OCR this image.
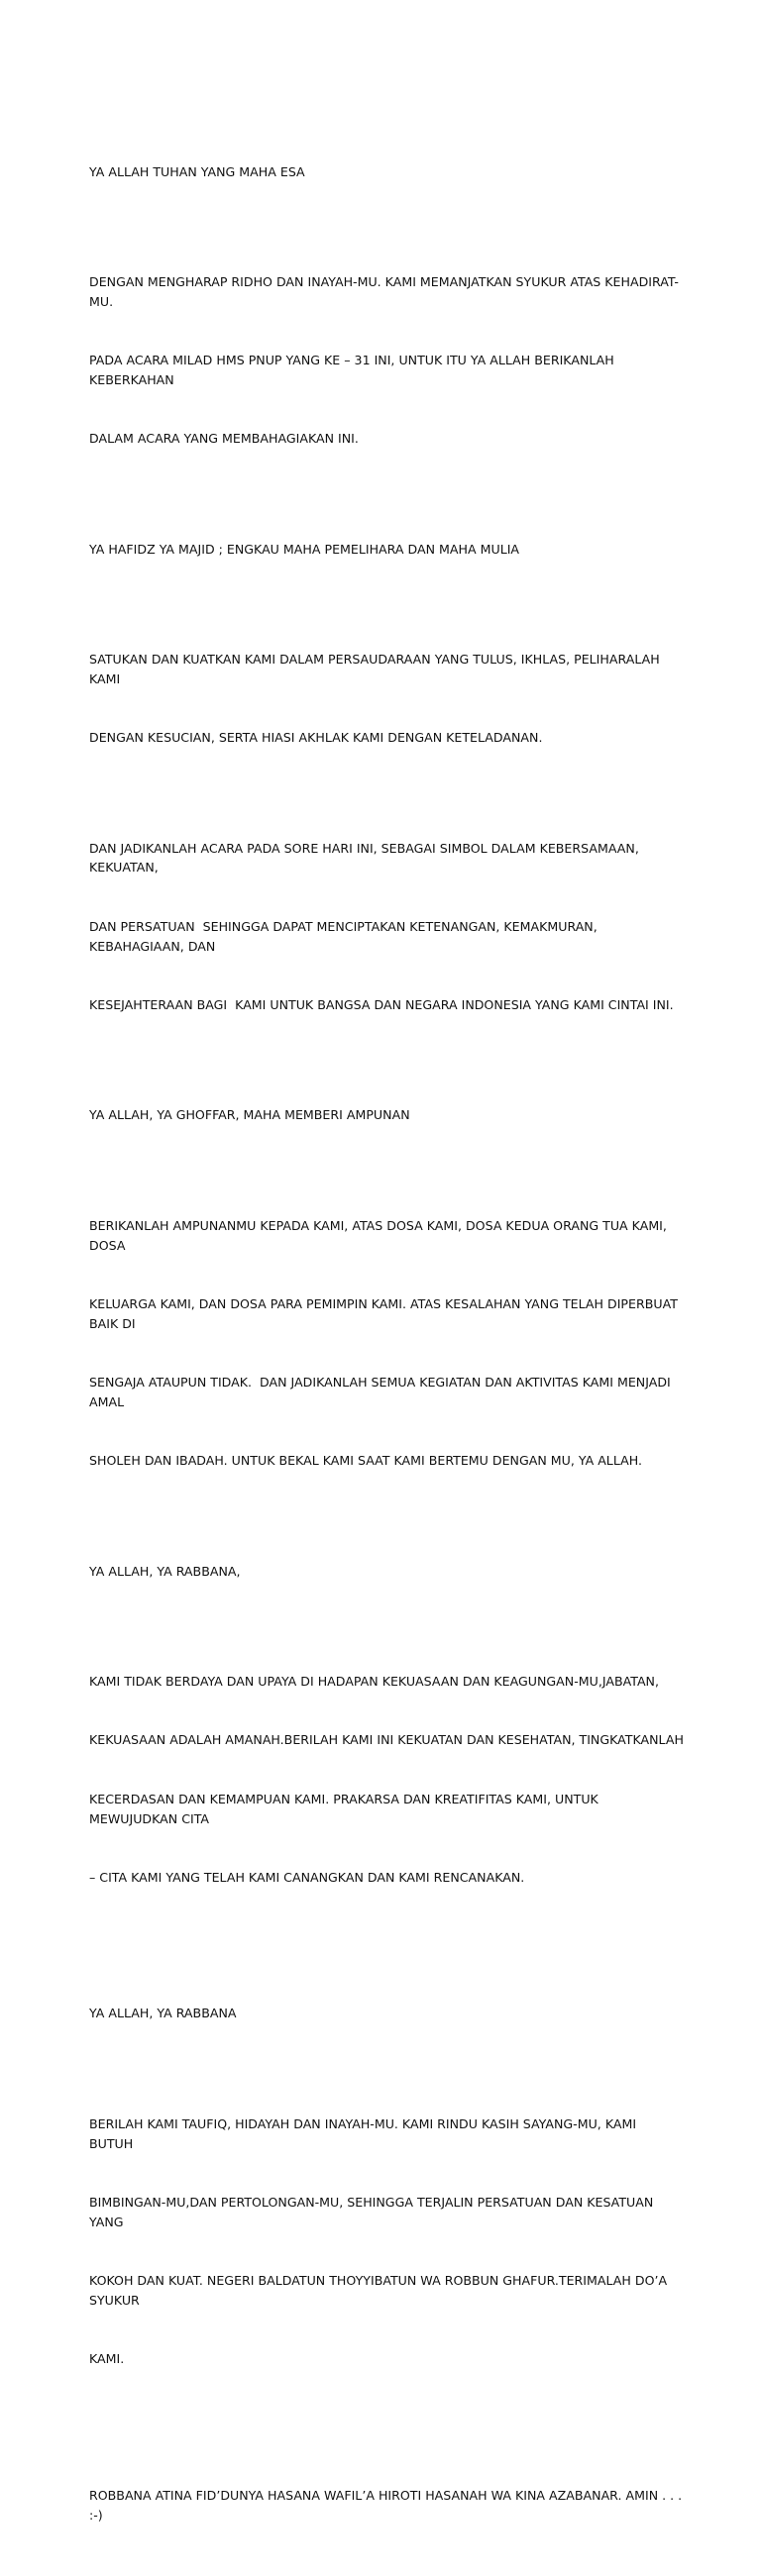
YA ALLAH TUHAN YANG MAHA ESA

DENGAN MENGHARAP RIDHO DAN INAYAH-MU. KAMI MEMANJATKAN SYUKUR ATAS KEHADIRAT-MU.

PADA ACARA MILAD HMS PNUP YANG KE – 31 INI, UNTUK ITU YA ALLAH BERIKANLAH KEBERKAHAN

DALAM ACARA YANG MEMBAHAGIAKAN INI.

YA HAFIDZ YA MAJID ; ENGKAU MAHA PEMELIHARA DAN MAHA MULIA

SATUKAN DAN KUATKAN KAMI DALAM PERSAUDARAAN YANG TULUS, IKHLAS, PELIHARALAH KAMI

DENGAN KESUCIAN, SERTA HIASI AKHLAK KAMI DENGAN KETELADANAN.

DAN JADIKANLAH ACARA PADA SORE HARI INI, SEBAGAI SIMBOL DALAM KEBERSAMAAN, KEKUATAN,

DAN PERSATUAN  SEHINGGA DAPAT MENCIPTAKAN KETENANGAN, KEMAKMURAN, KEBAHAGIAAN, DAN

KESEJAHTERAAN BAGI  KAMI UNTUK BANGSA DAN NEGARA INDONESIA YANG KAMI CINTAI INI.

YA ALLAH, YA GHOFFAR, MAHA MEMBERI AMPUNAN

BERIKANLAH AMPUNANMU KEPADA KAMI, ATAS DOSA KAMI, DOSA KEDUA ORANG TUA KAMI, DOSA

KELUARGA KAMI, DAN DOSA PARA PEMIMPIN KAMI. ATAS KESALAHAN YANG TELAH DIPERBUAT BAIK DI

SENGAJA ATAUPUN TIDAK.  DAN JADIKANLAH SEMUA KEGIATAN DAN AKTIVITAS KAMI MENJADI AMAL

SHOLEH DAN IBADAH. UNTUK BEKAL KAMI SAAT KAMI BERTEMU DENGAN MU, YA ALLAH.

YA ALLAH, YA RABBANA,

KAMI TIDAK BERDAYA DAN UPAYA DI HADAPAN KEKUASAAN DAN KEAGUNGAN-MU,JABATAN,

KEKUASAAN ADALAH AMANAH.BERILAH KAMI INI KEKUATAN DAN KESEHATAN, TINGKATKANLAH

KECERDASAN DAN KEMAMPUAN KAMI. PRAKARSA DAN KREATIFITAS KAMI, UNTUK MEWUJUDKAN CITA

– CITA KAMI YANG TELAH KAMI CANANGKAN DAN KAMI RENCANAKAN.

YA ALLAH, YA RABBANA

BERILAH KAMI TAUFIQ, HIDAYAH DAN INAYAH-MU. KAMI RINDU KASIH SAYANG-MU, KAMI BUTUH

BIMBINGAN-MU,DAN PERTOLONGAN-MU, SEHINGGA TERJALIN PERSATUAN DAN KESATUAN YANG

KOKOH DAN KUAT. NEGERI BALDATUN THOYYIBATUN WA ROBBUN GHAFUR.TERIMALAH DO’A SYUKUR

KAMI.

ROBBANA ATINA FID’DUNYA HASANA WAFIL’A HIROTI HASANAH WA KINA AZABANAR. AMIN . . . :-)
